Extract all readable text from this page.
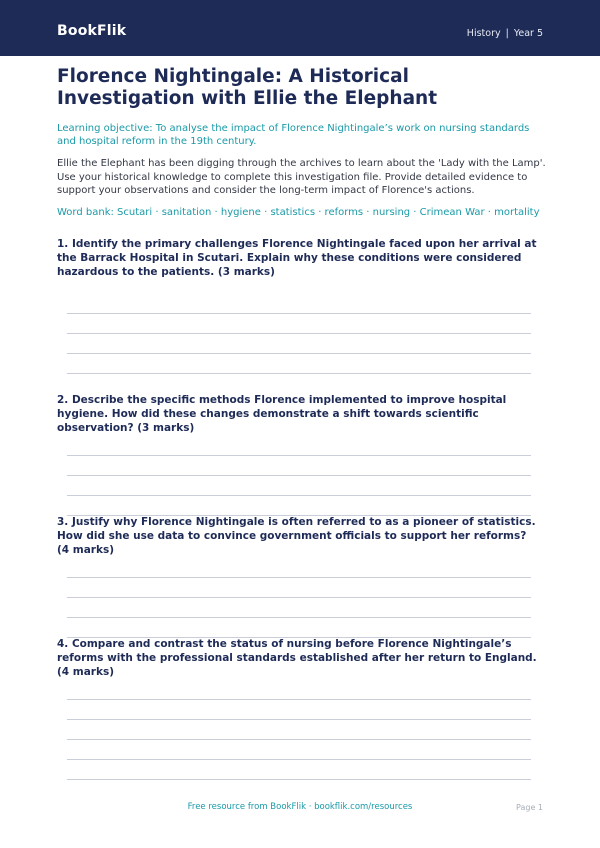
BookFlik	History | Year 5
Florence Nightingale: A Historical Investigation with Ellie the Elephant
Learning objective: To analyse the impact of Florence Nightingale’s work on nursing standards and hospital reform in the 19th century.
Ellie the Elephant has been digging through the archives to learn about the 'Lady with the Lamp'. Use your historical knowledge to complete this investigation file. Provide detailed evidence to support your observations and consider the long-term impact of Florence's actions.
Word bank: Scutari · sanitation · hygiene · statistics · reforms · nursing · Crimean War · mortality
1. Identify the primary challenges Florence Nightingale faced upon her arrival at the Barrack Hospital in Scutari. Explain why these conditions were considered hazardous to the patients. (3 marks)
2. Describe the specific methods Florence implemented to improve hospital hygiene. How did these changes demonstrate a shift towards scientific observation? (3 marks)
3. Justify why Florence Nightingale is often referred to as a pioneer of statistics. How did she use data to convince government officials to support her reforms? (4 marks)
4. Compare and contrast the status of nursing before Florence Nightingale’s reforms with the professional standards established after her return to England. (4 marks)
Free resource from BookFlik · bookflik.com/resources	Page 1
